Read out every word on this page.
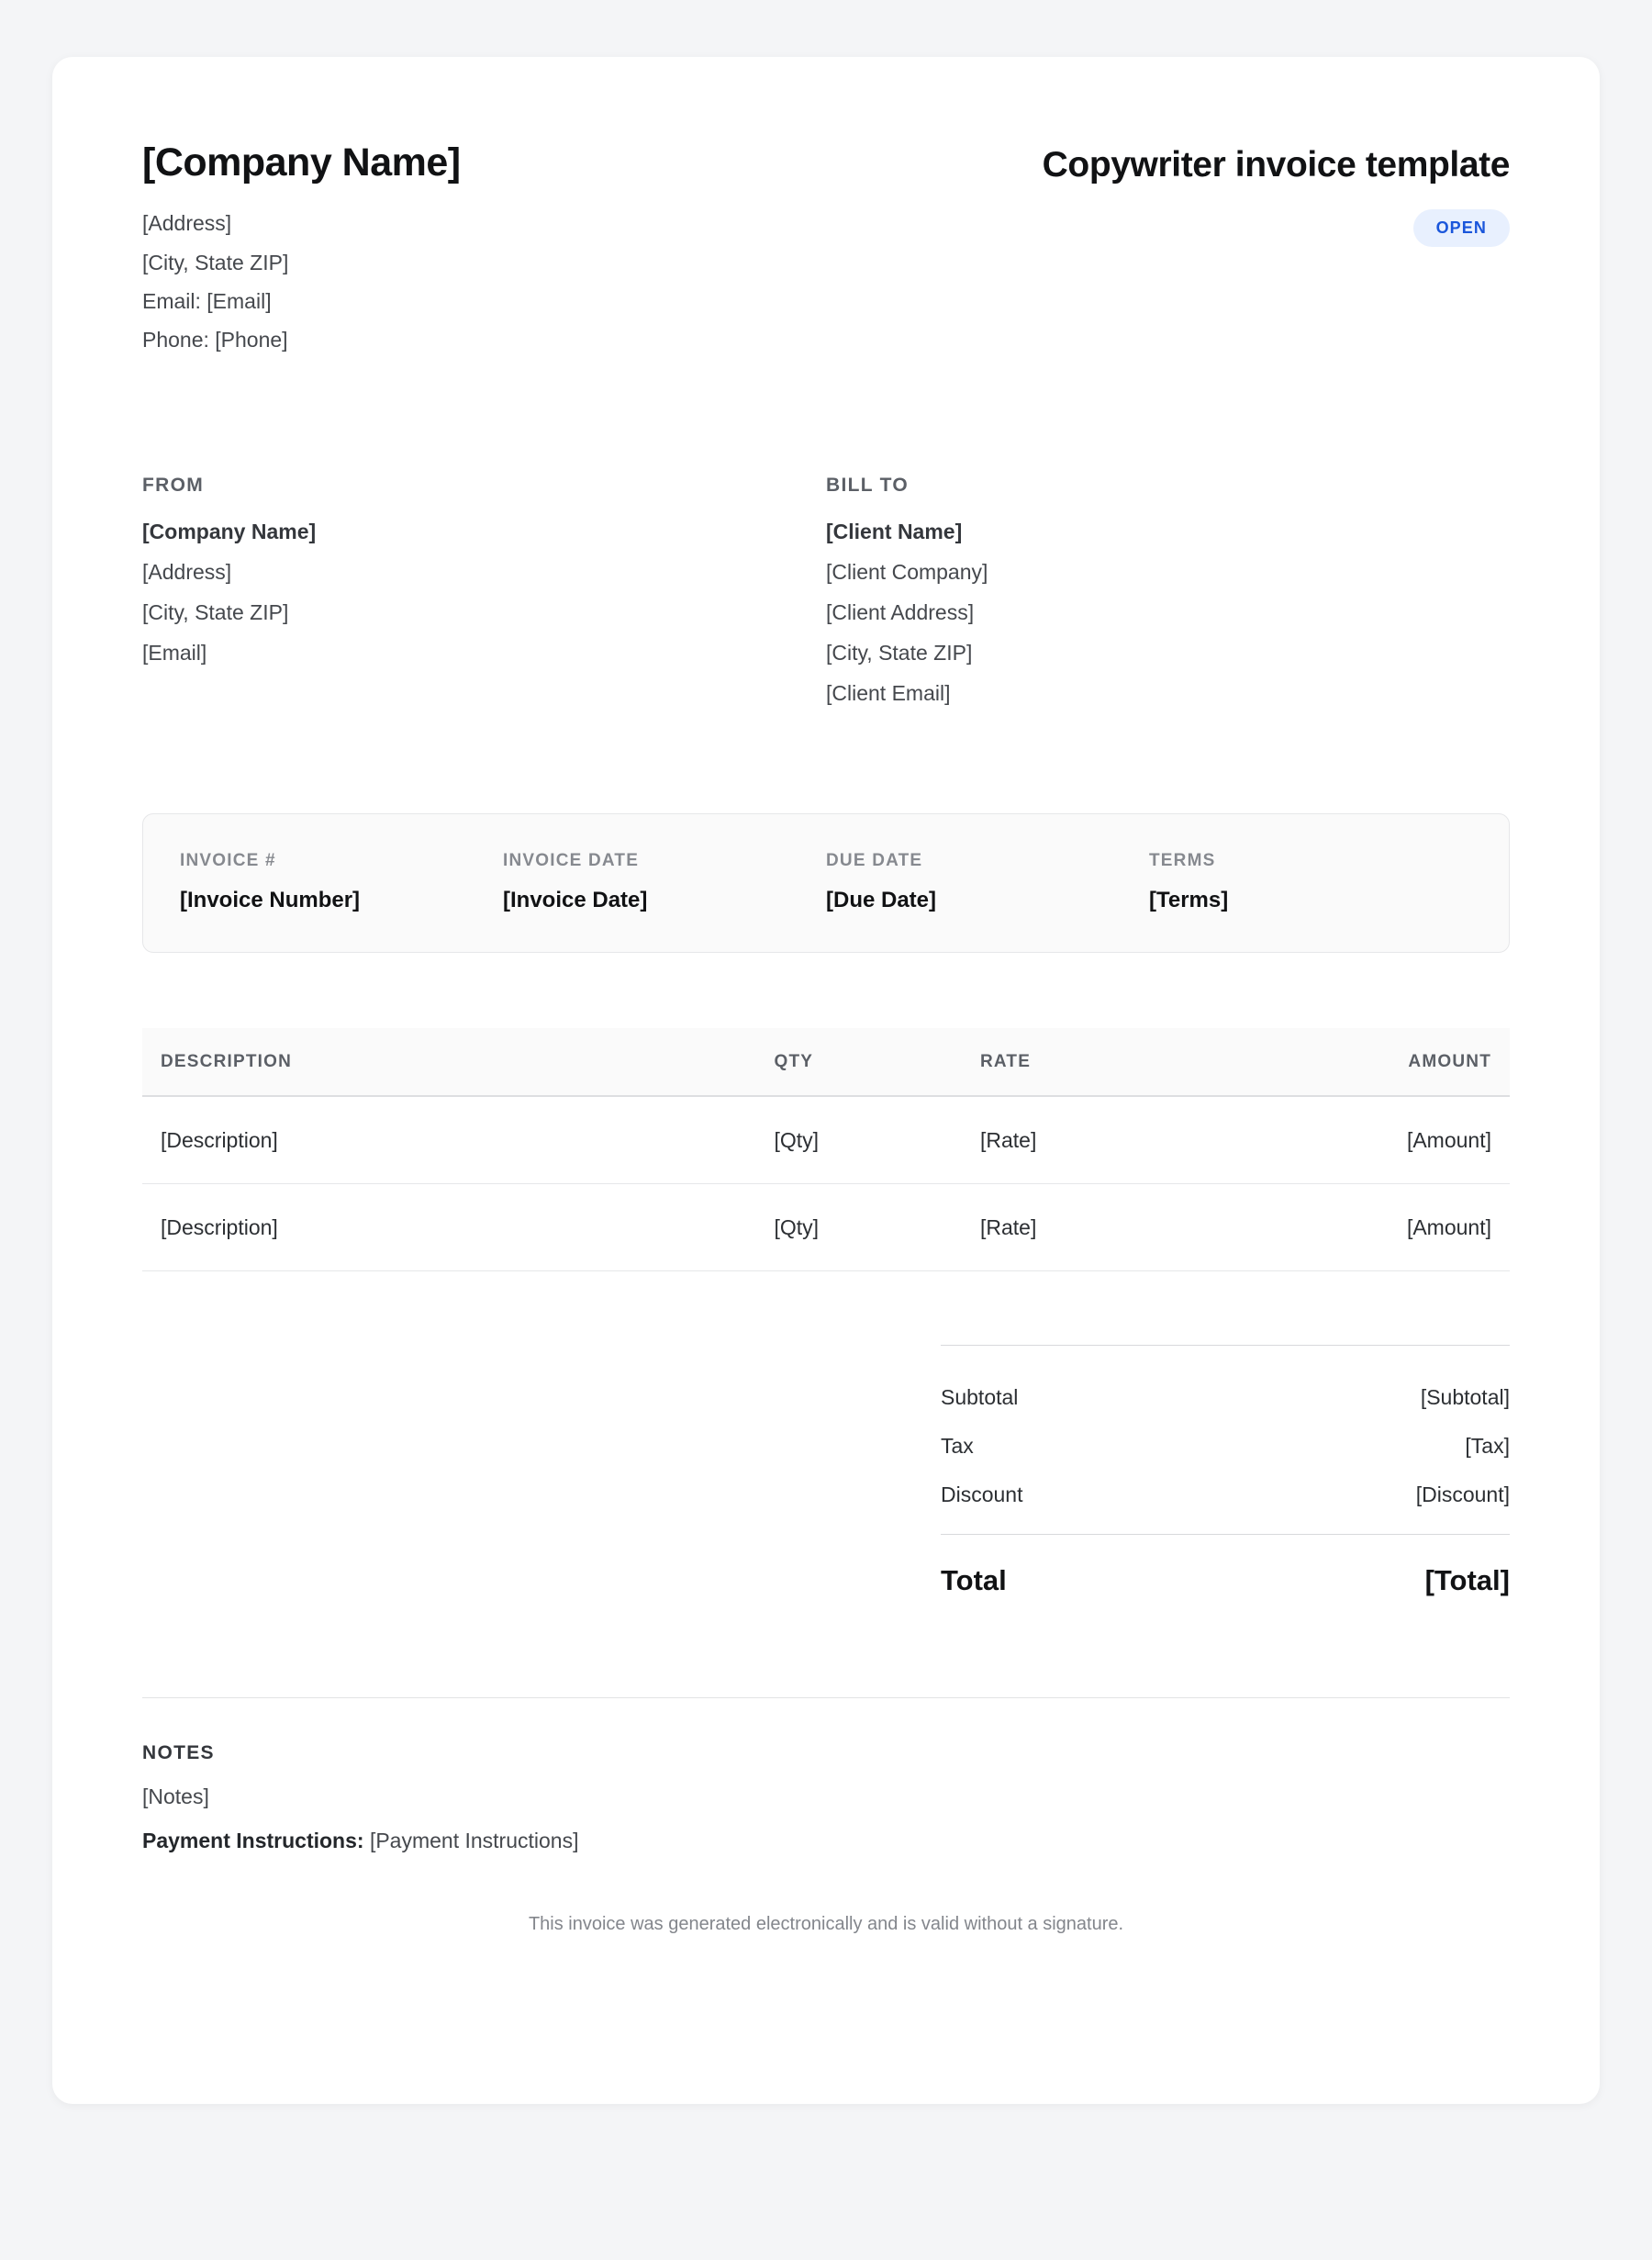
[Company Name]
[Address]
[City, State ZIP]
Email: [Email]
Phone: [Phone]
Copywriter invoice template
OPEN
FROM
[Company Name]
[Address]
[City, State ZIP]
[Email]
BILL TO
[Client Name]
[Client Company]
[Client Address]
[City, State ZIP]
[Client Email]
INVOICE #
[Invoice Number]
INVOICE DATE
[Invoice Date]
DUE DATE
[Due Date]
TERMS
[Terms]
DESCRIPTION	QTY	RATE	AMOUNT
[Description]	[Qty]	[Rate]	[Amount]
[Description]	[Qty]	[Rate]	[Amount]
Subtotal	[Subtotal]
Tax	[Tax]
Discount	[Discount]
Total	[Total]
NOTES
[Notes]
Payment Instructions: [Payment Instructions]
This invoice was generated electronically and is valid without a signature.
